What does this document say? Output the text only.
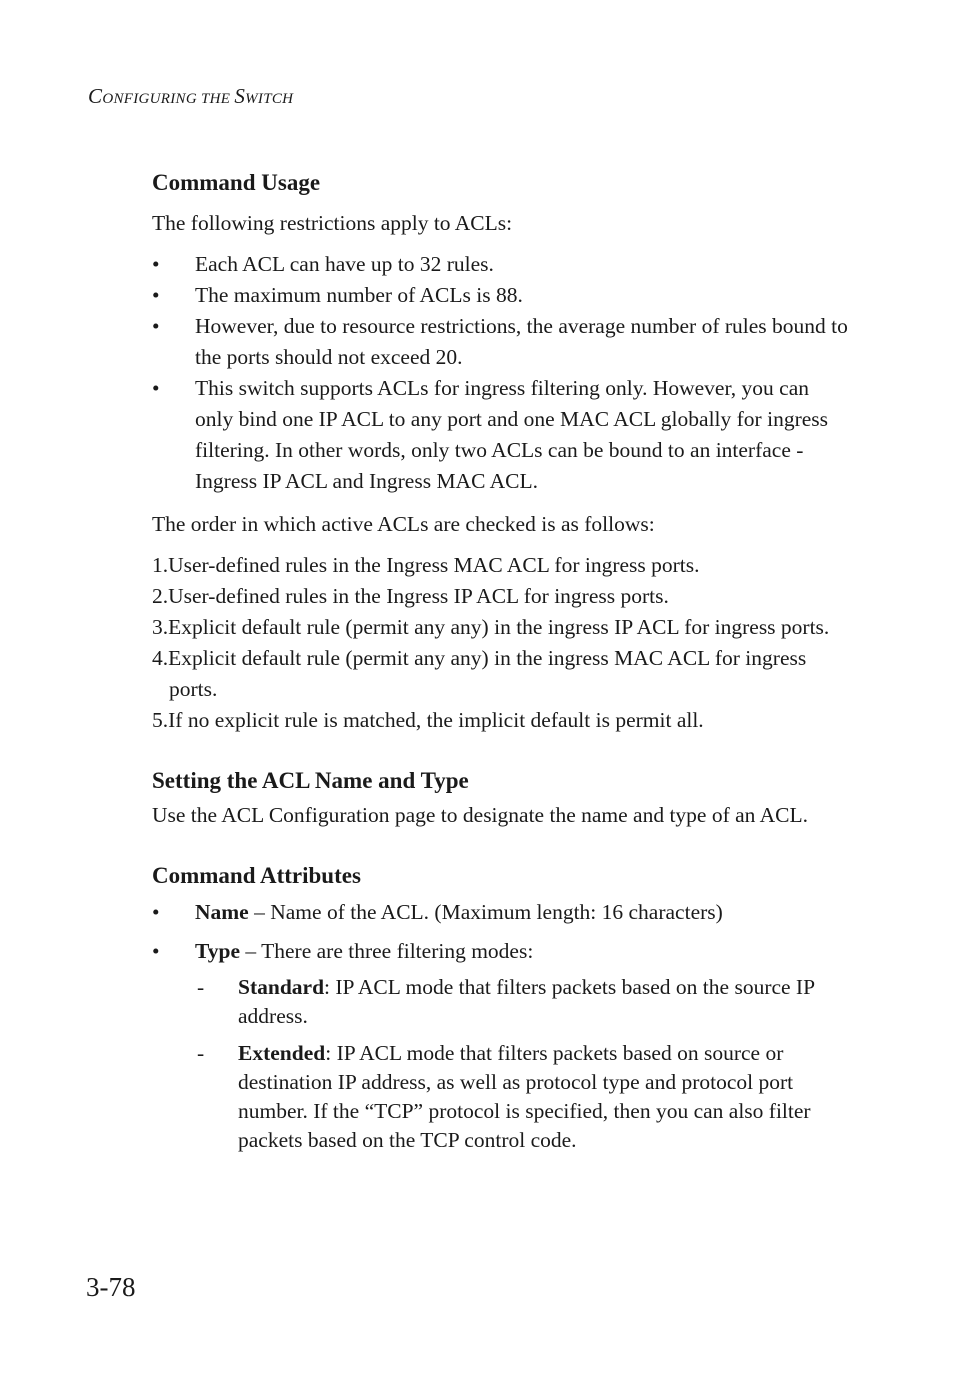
CONFIGURING THE SWITCH
Command Usage

The following restrictions apply to ACLs:

• Each ACL can have up to 32 rules.
• The maximum number of ACLs is 88.
• However, due to resource restrictions, the average number of rules bound to the ports should not exceed 20.
• This switch supports ACLs for ingress filtering only. However, you can only bind one IP ACL to any port and one MAC ACL globally for ingress filtering. In other words, only two ACLs can be bound to an interface - Ingress IP ACL and Ingress MAC ACL.

The order in which active ACLs are checked is as follows:

1.User-defined rules in the Ingress MAC ACL for ingress ports.
2.User-defined rules in the Ingress IP ACL for ingress ports.
3.Explicit default rule (permit any any) in the ingress IP ACL for ingress ports.
4.Explicit default rule (permit any any) in the ingress MAC ACL for ingress ports.
5.If no explicit rule is matched, the implicit default is permit all.
Setting the ACL Name and Type

Use the ACL Configuration page to designate the name and type of an ACL.

Command Attributes
• Name – Name of the ACL. (Maximum length: 16 characters)
• Type – There are three filtering modes:
- Standard: IP ACL mode that filters packets based on the source IP address.
- Extended: IP ACL mode that filters packets based on source or destination IP address, as well as protocol type and protocol port number. If the “TCP” protocol is specified, then you can also filter packets based on the TCP control code.
3-78
